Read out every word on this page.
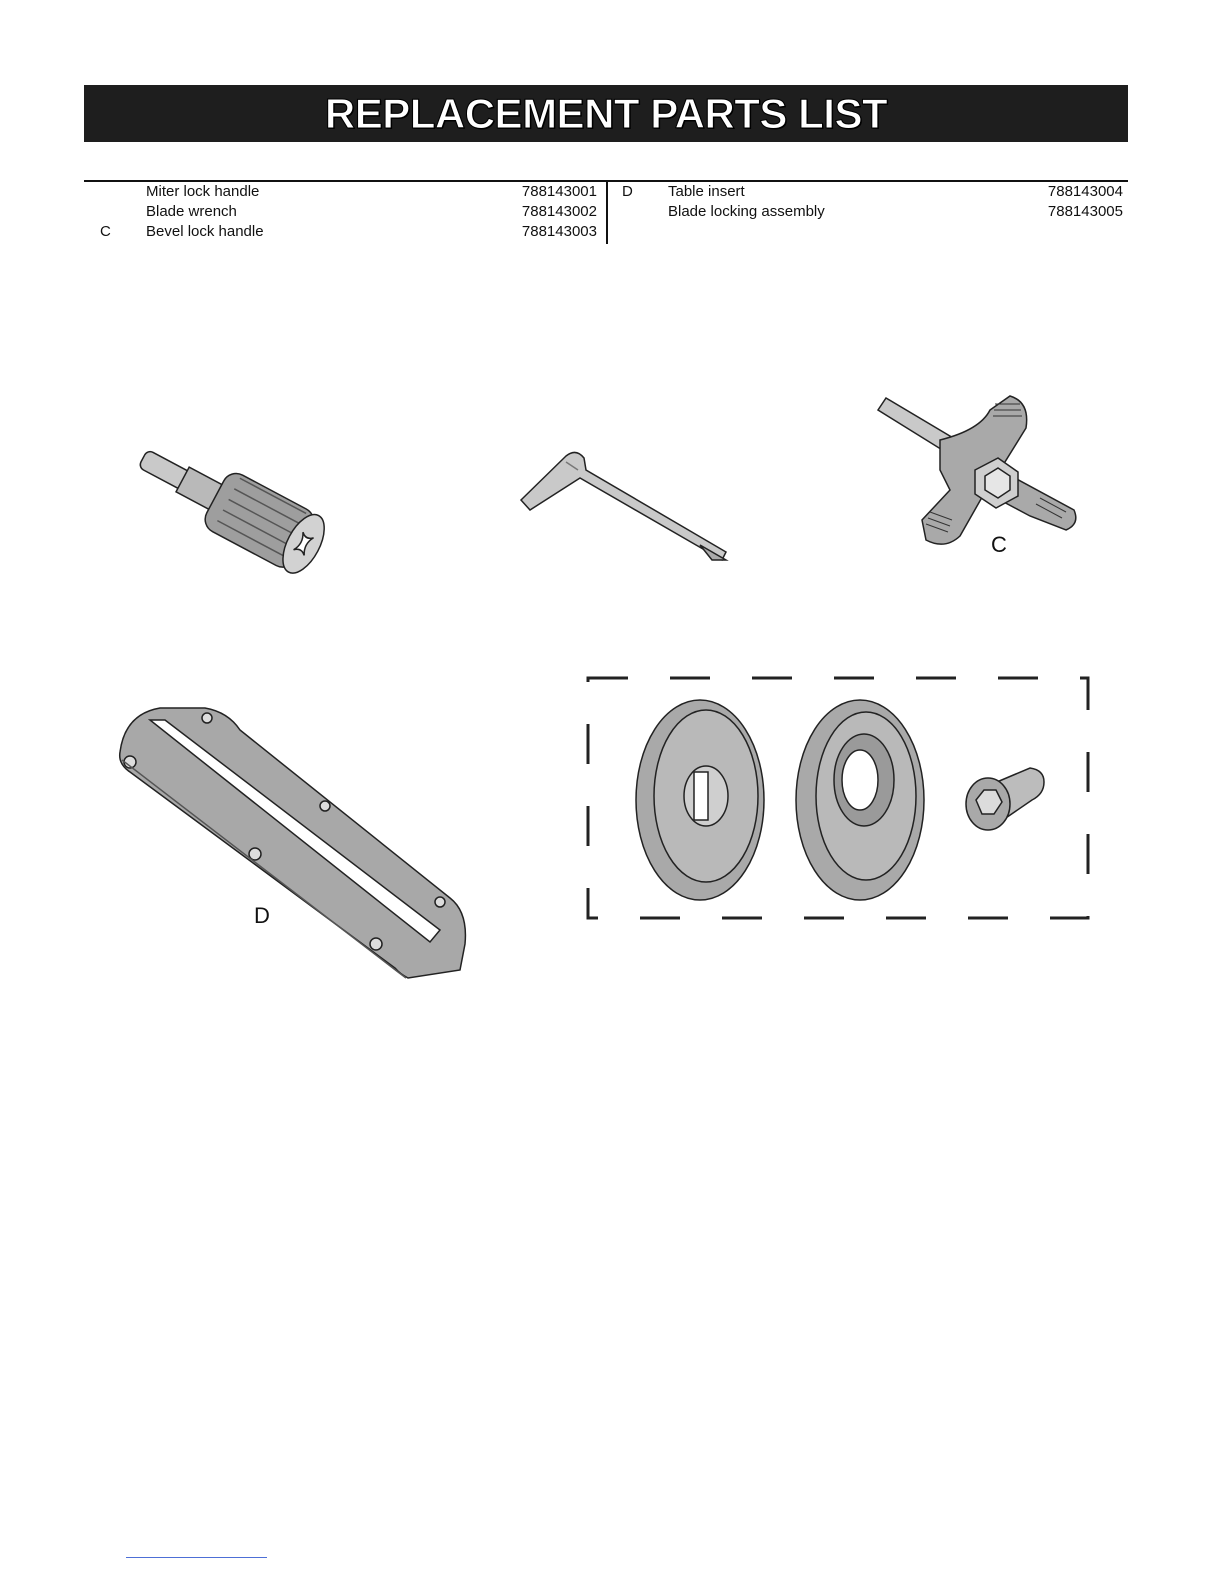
REPLACEMENT PARTS LIST
Miter lock handle	788143001
Blade wrench	788143002
C Bevel lock handle	788143003
D Table insert	788143004
Blade locking assembly	788143005
C
D
